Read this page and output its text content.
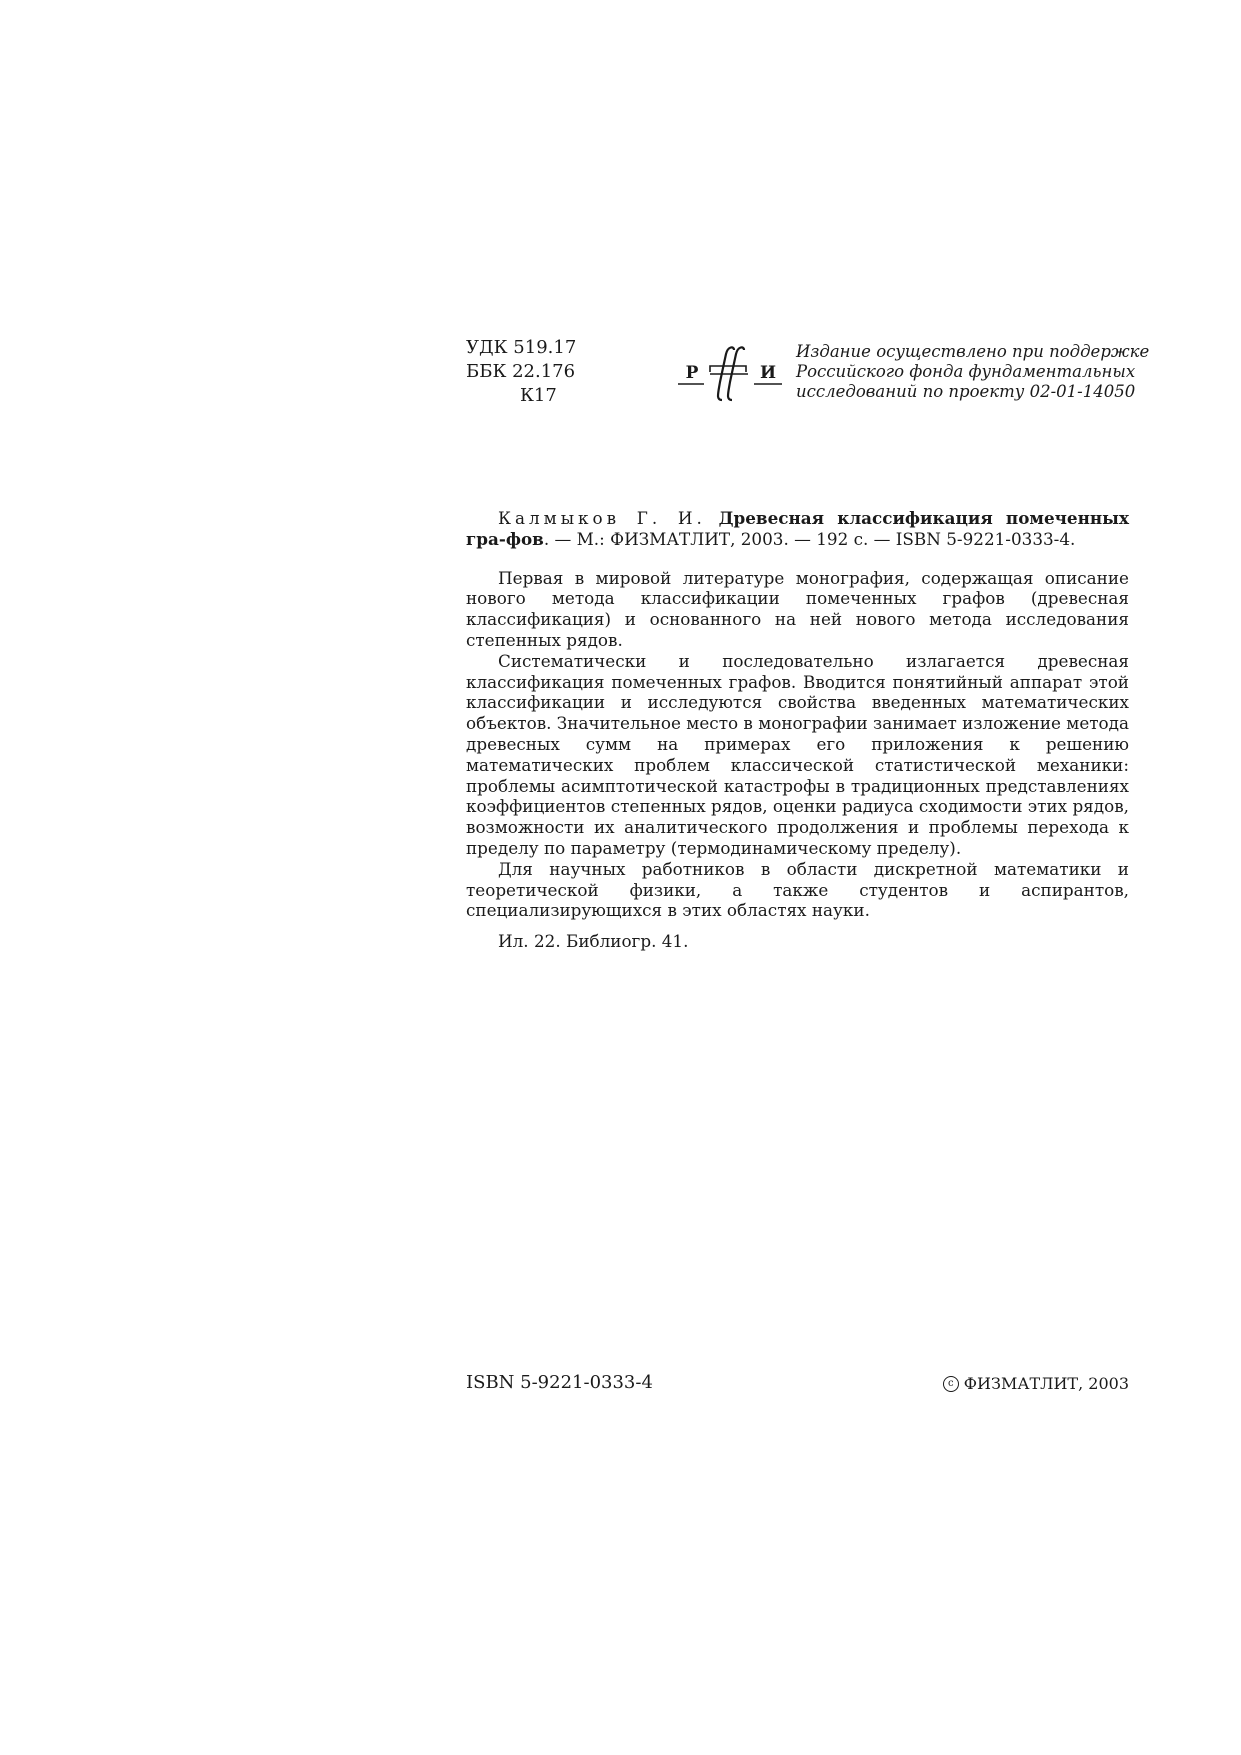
УДК 519.17
ББК 22.176
К17
Р	И
Издание осуществлено при поддержке
Российского фонда фундаментальных
исследований по проекту 02-01-14050

Калмыков Г. И. Древесная классификация помеченных гра-фов. — М.: ФИЗМАТЛИТ, 2003. — 192 с. — ISBN 5-9221-0333-4.

Первая в мировой литературе монография, содержащая описание нового метода классификации помеченных графов (древесная классификация) и основанного на ней нового метода исследования степенных рядов.

Систематически и последовательно излагается древесная классификация помеченных графов. Вводится понятийный аппарат этой классификации и исследуются свойства введенных математических объектов. Значительное место в монографии занимает изложение метода древесных сумм на примерах его приложения к решению математических проблем классической статистической механики: проблемы асимптотической катастрофы в традиционных представлениях коэффициентов степенных рядов, оценки радиуса сходимости этих рядов, возможности их аналитического продолжения и проблемы перехода к пределу по параметру (термодинамическому пределу).

Для научных работников в области дискретной математики и теоретической физики, а также студентов и аспирантов, специализирующихся в этих областях науки.

Ил. 22. Библиогр. 41.

ISBN 5-9221-0333-4	c ФИЗМАТЛИТ, 2003
